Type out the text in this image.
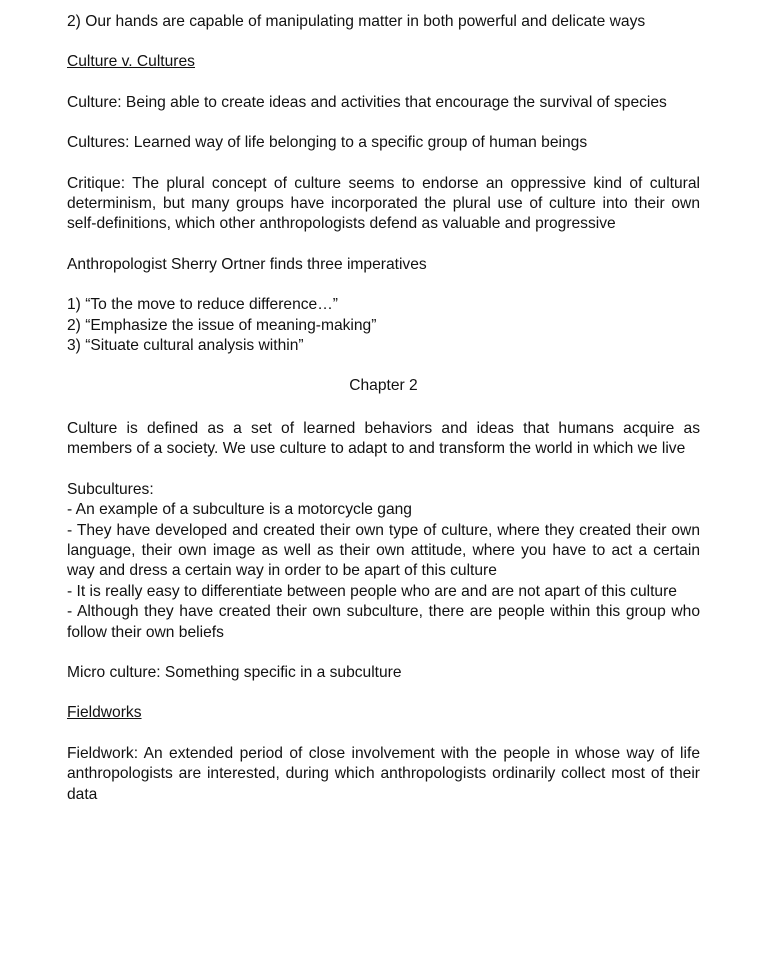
2) Our hands are capable of manipulating matter in both powerful and delicate ways

Culture v. Cultures

Culture: Being able to create ideas and activities that encourage the survival of species

Cultures: Learned way of life belonging to a specific group of human beings

Critique: The plural concept of culture seems to endorse an oppressive kind of cultural determinism, but many groups have incorporated the plural use of culture into their own self-definitions, which other anthropologists defend as valuable and progressive

Anthropologist Sherry Ortner finds three imperatives

1) “To the move to reduce difference…”
2) “Emphasize the issue of meaning-making”
3) “Situate cultural analysis within”

Chapter 2

Culture is defined as a set of learned behaviors and ideas that humans acquire as members of a society. We use culture to adapt to and transform the world in which we live

Subcultures:
- An example of a subculture is a motorcycle gang
- They have developed and created their own type of culture, where they created their own language, their own image as well as their own attitude, where you have to act a certain way and dress a certain way in order to be apart of this culture
- It is really easy to differentiate between people who are and are not apart of this culture
- Although they have created their own subculture, there are people within this group who follow their own beliefs

Micro culture: Something specific in a subculture

Fieldworks

Fieldwork: An extended period of close involvement with the people in whose way of life anthropologists are interested, during which anthropologists ordinarily collect most of their data
